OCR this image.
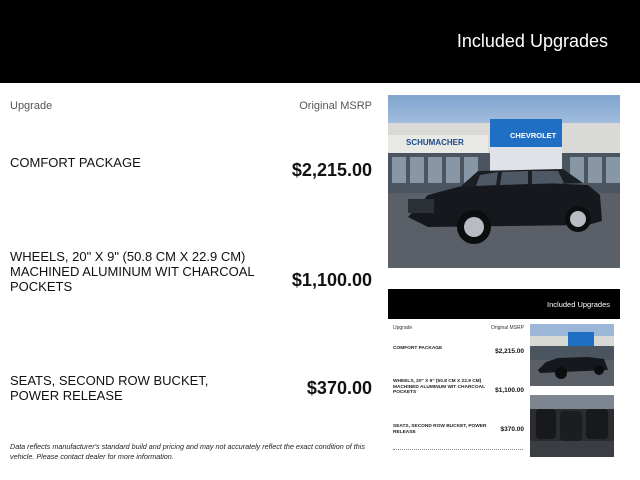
Included Upgrades
Upgrade	Original MSRP
COMFORT PACKAGE	$2,215.00
WHEELS, 20" X 9" (50.8 CM X 22.9 CM) MACHINED ALUMINUM WIT CHARCOAL POCKETS	$1,100.00
SEATS, SECOND ROW BUCKET, POWER RELEASE	$370.00
Data reflects manufacturer's standard build and pricing and may not accurately reflect the exact condition of this vehicle. Please contact dealer for more information.
SCHUMACHER
CHEVROLET
Included Upgrades
Upgrade	Original MSRP
COMFORT PACKAGE	$2,215.00
WHEELS, 20" X 9" (50.8 CM X 22.9 CM) MACHINED ALUMINUM WIT CHARCOAL POCKETS	$1,100.00
SEATS, SECOND ROW BUCKET, POWER RELEASE	$370.00
